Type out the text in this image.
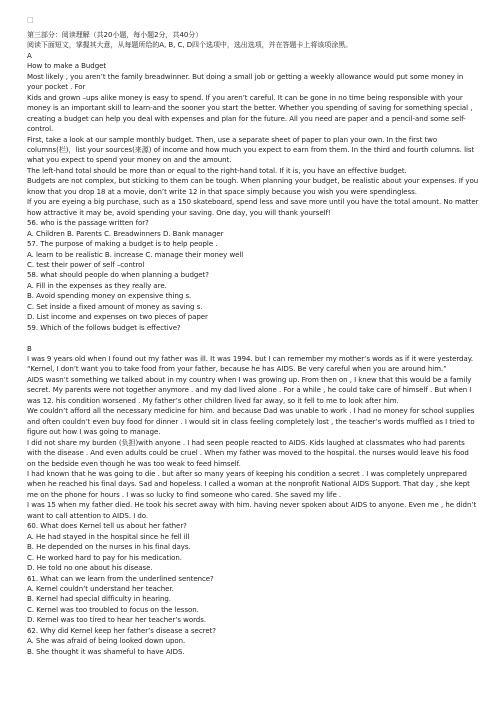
□

第三部分：阅读理解（共20小题，每小题2分，共40分）

阅读下面短文，掌握其大意，从每题所给的A, B, C, D四个选项中，选出选项，并在答题卡上将该项涂黑。

A

How to make a Budget

Most likely , you aren’t the family breadwinner. But doing a small job or getting a weekly allowance would put some money in your pocket . For

Kids and grown –ups alike money is easy to spend. If you aren’t careful. It can be gone in no time being responsible with your money is an important skill to learn-and the sooner you start the better. Whether you spending of saving for something special , creating a budget can help you deal with expenses and plan for the future. All you need are paper and a pencil-and some self-control.

First, take a look at our sample monthly budget. Then, use a separate sheet of paper to plan your own. In the first two columns(栏)，list your sources(来源) of income and how much you expect to earn from them. In the third and fourth columns. list what you expect to spend your money on and the amount.

The left-hand total should be more than or equal to the right-hand total. If it is, you have an effective budget.

Budgets are not complex, but sticking to them can be tough. When planning your budget, be realistic about your expenses. If you know that you drop 18 at a movie, don’t write 12 in that space simply because you wish you were spendingless.

If you are eyeing a big purchase, such as a 150 skateboard, spend less and save more until you have the total amount. No matter how attractive it may be, avoid spending your saving. One day, you will thank yourself!

56. who is the passage written for?

A. Children B. Parents C. Breadwinners D. Bank manager

57. The purpose of making a budget is to help people .

A. learn to be realistic B. increase C. manage their money well

C. test their power of self –control

58. what should people do when planning a budget?

A. Fill in the expenses as they really are.

B. Avoid spending money on expensive thing s.

C. Set inside a fixed amount of money as saving s.

D. List income and expenses on two pieces of paper

59. Which of the follows budget is effective?

B

I was 9 years old when I found out my father was ill. It was 1994. but I can remember my mother’s words as if it were yesterday. “Kernel, I don’t want you to take food from your father, because he has AIDS. Be very careful when you are around him.”

AIDS wasn’t something we talked about in my country when I was growing up. From then on , I knew that this would be a family secret. My parents were not together anymore . and my dad lived alone . For a while , he could take care of himself . But when I was 12. his condition worsened . My father’s other children lived far away, so it fell to me to look after him.

We couldn’t afford all the necessary medicine for him. and because Dad was unable to work . I had no money for school supplies and often couldn’t even buy food for dinner . I would sit in class feeling completely lost , the teacher’s words muffled as I tried to figure out how I was going to manage.

I did not share my burden (负担)with anyone . I had seen people reacted to AIDS. Kids laughed at classmates who had parents with the disease . And even adults could be cruel . When my father was moved to the hospital. the nurses would leave his food on the bedside even though he was too weak to feed himself.

I had known that he was going to die . but after so many years of keeping his condition a secret . I was completely unprepared when he reached his final days. Sad and hopeless. I called a woman at the nonprofit National AIDS Support. That day , she kept me on the phone for hours . I was so lucky to find someone who cared. She saved my life .

I was 15 when my father died. He took his secret away with him. having never spoken about AIDS to anyone. Even me , he didn’t want to call attention to AIDS. I do.

60. What does Kernel tell us about her father?

A. He had stayed in the hospital since he fell ill

B. He depended on the nurses in his final days.

C. He worked hard to pay for his medication.

D. He told no one about his disease.

61. What can we learn from the underlined sentence?

A. Kernel couldn’t understand her teacher.

B. Kernel had special difficulty in hearing.

C. Kernel was too troubled to focus on the lesson.

D. Kernel was too tired to hear her teacher’s words.

62. Why did Kernel keep her father’s disease a secret?

A. She was afraid of being looked down upon.

B. She thought it was shameful to have AIDS.
